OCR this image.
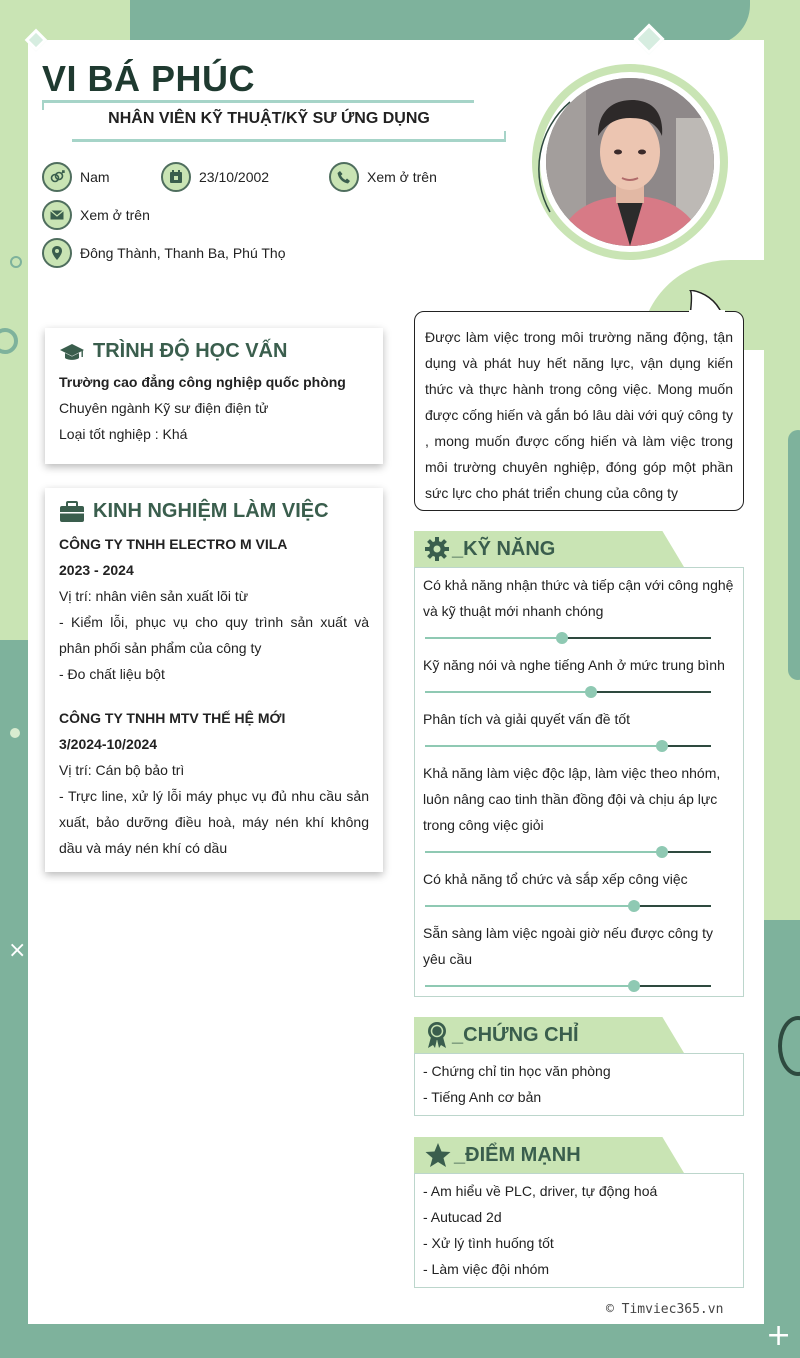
×
+
VI BÁ PHÚC
NHÂN VIÊN KỸ THUẬT/KỸ SƯ ỨNG DỤNG
Nam	23/10/2002	Xem ở trên
Xem ở trên
Đông Thành, Thanh Ba, Phú Thọ
Được làm việc trong môi trường năng động, tận dụng và phát huy hết năng lực, vận dụng kiến thức và thực hành trong công việc. Mong muốn được cống hiến và gắn bó lâu dài với quý công ty , mong muốn được cống hiến và làm việc trong môi trường chuyên nghiệp, đóng góp một phần sức lực cho phát triển chung của công ty
TRÌNH ĐỘ HỌC VẤN
Trường cao đẳng công nghiệp quốc phòng
Chuyên ngành Kỹ sư điện điện tử
Loại tốt nghiệp : Khá
KINH NGHIỆM LÀM VIỆC
CÔNG TY TNHH ELECTRO M VILA
2023 - 2024
Vị trí: nhân viên sản xuất lõi từ
- Kiểm lỗi, phục vụ cho quy trình sản xuất và phân phối sản phẩm của công ty
- Đo chất liệu bột
CÔNG TY TNHH MTV THẾ HỆ MỚI
3/2024-10/2024
Vị trí: Cán bộ bảo trì
- Trực line, xử lý lỗi máy phục vụ đủ nhu cầu sản xuất, bảo dưỡng điều hoà, máy nén khí không dầu và máy nén khí có dầu
_KỸ NĂNG
Có khả năng nhận thức và tiếp cận với công nghệ và kỹ thuật mới nhanh chóng
Kỹ năng nói và nghe tiếng Anh ở mức trung bình
Phân tích và giải quyết vấn đề tốt
Khả năng làm việc độc lập, làm việc theo nhóm, luôn nâng cao tinh thần đồng đội và chịu áp lực trong công việc giỏi
Có khả năng tổ chức và sắp xếp công việc
Sẵn sàng làm việc ngoài giờ nếu được công ty yêu cầu
_CHỨNG CHỈ
- Chứng chỉ tin học văn phòng
- Tiếng Anh cơ bản
_ĐIỂM MẠNH
- Am hiểu về PLC, driver, tự động hoá
- Autucad 2d
- Xử lý tình huống tốt
- Làm việc đội nhóm
© Timviec365.vn
